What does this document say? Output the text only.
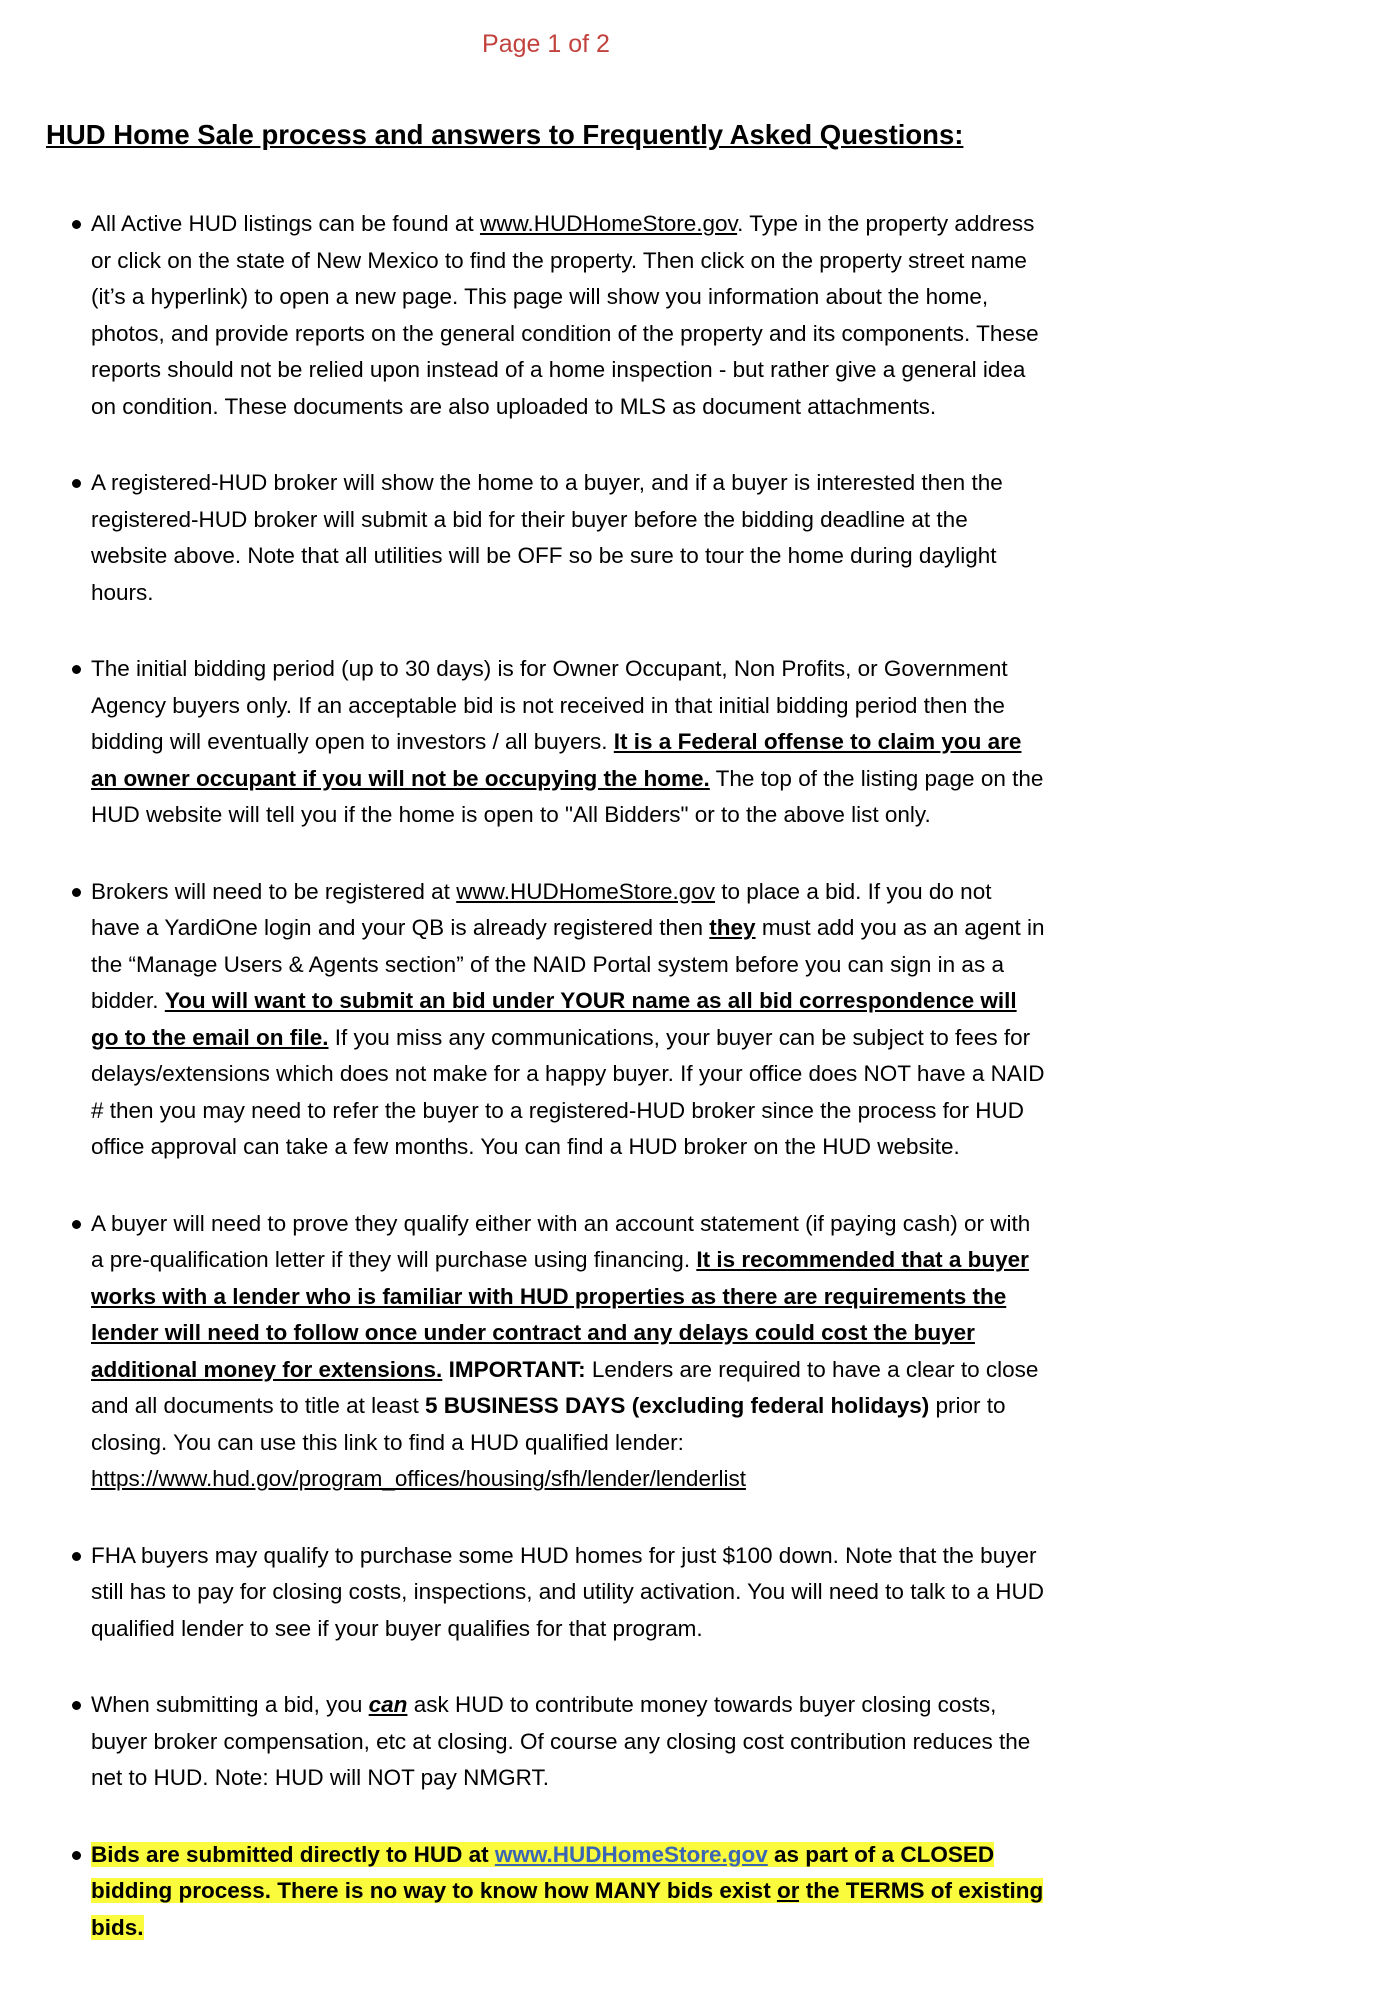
Page 1 of 2
HUD Home Sale process and answers to Frequently Asked Questions:
All Active HUD listings can be found at www.HUDHomeStore.gov. Type in the property address or click on the state of New Mexico to find the property. Then click on the property street name (it’s a hyperlink) to open a new page. This page will show you information about the home, photos, and provide reports on the general condition of the property and its components. These reports should not be relied upon instead of a home inspection - but rather give a general idea on condition. These documents are also uploaded to MLS as document attachments.
A registered-HUD broker will show the home to a buyer, and if a buyer is interested then the registered-HUD broker will submit a bid for their buyer before the bidding deadline at the website above. Note that all utilities will be OFF so be sure to tour the home during daylight hours.
The initial bidding period (up to 30 days) is for Owner Occupant, Non Profits, or Government Agency buyers only. If an acceptable bid is not received in that initial bidding period then the bidding will eventually open to investors / all buyers. It is a Federal offense to claim you are an owner occupant if you will not be occupying the home. The top of the listing page on the HUD website will tell you if the home is open to "All Bidders" or to the above list only.
Brokers will need to be registered at www.HUDHomeStore.gov to place a bid. If you do not have a YardiOne login and your QB is already registered then they must add you as an agent in the “Manage Users & Agents section” of the NAID Portal system before you can sign in as a bidder. You will want to submit an bid under YOUR name as all bid correspondence will go to the email on file. If you miss any communications, your buyer can be subject to fees for delays/extensions which does not make for a happy buyer. If your office does NOT have a NAID # then you may need to refer the buyer to a registered-HUD broker since the process for HUD office approval can take a few months. You can find a HUD broker on the HUD website.
A buyer will need to prove they qualify either with an account statement (if paying cash) or with a pre-qualification letter if they will purchase using financing. It is recommended that a buyer works with a lender who is familiar with HUD properties as there are requirements the lender will need to follow once under contract and any delays could cost the buyer additional money for extensions. IMPORTANT: Lenders are required to have a clear to close and all documents to title at least 5 BUSINESS DAYS (excluding federal holidays) prior to closing. You can use this link to find a HUD qualified lender: https://www.hud.gov/program_offices/housing/sfh/lender/lenderlist
FHA buyers may qualify to purchase some HUD homes for just $100 down. Note that the buyer still has to pay for closing costs, inspections, and utility activation. You will need to talk to a HUD qualified lender to see if your buyer qualifies for that program.
When submitting a bid, you can ask HUD to contribute money towards buyer closing costs, buyer broker compensation, etc at closing. Of course any closing cost contribution reduces the net to HUD. Note: HUD will NOT pay NMGRT.
Bids are submitted directly to HUD at www.HUDHomeStore.gov as part of a CLOSED bidding process. There is no way to know how MANY bids exist or the TERMS of existing bids.
